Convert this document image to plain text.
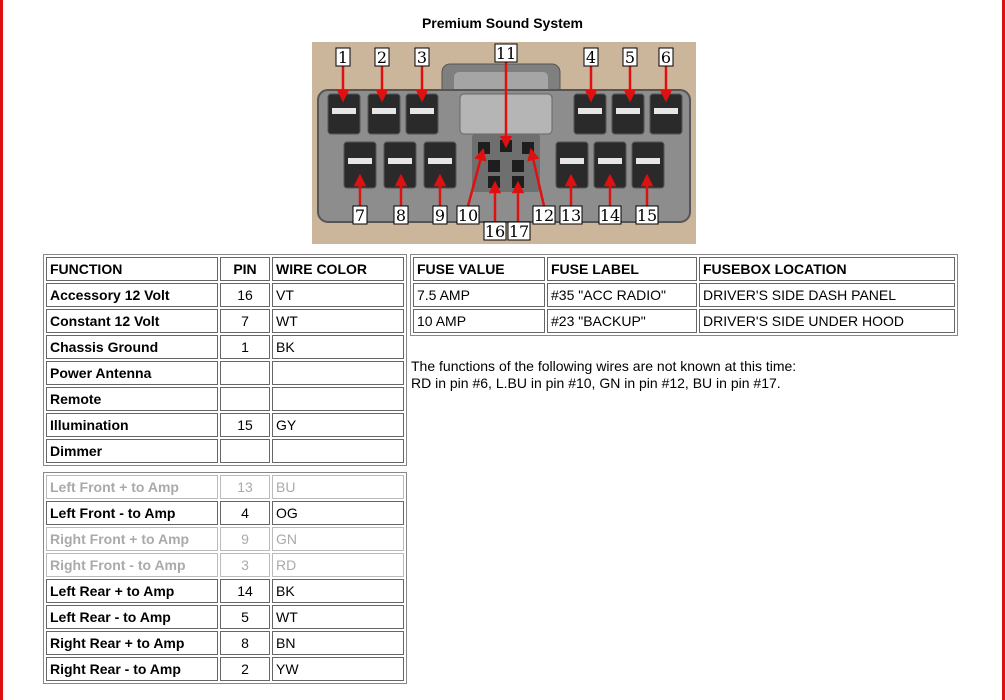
Premium Sound System
1 2 3	4 5 6
11
7 8 9 10
16 17
12 13 14 15
FUNCTION	PIN	WIRE COLOR
Accessory 12 Volt	16	VT
Constant 12 Volt	7	WT
Chassis Ground	1	BK
Power Antenna		
Remote		
Illumination	15	GY
Dimmer		
Left Front + to Amp	13	BU
Left Front - to Amp	4	OG
Right Front + to Amp	9	GN
Right Front - to Amp	3	RD
Left Rear + to Amp	14	BK
Left Rear - to Amp	5	WT
Right Rear + to Amp	8	BN
Right Rear - to Amp	2	YW
FUSE VALUE	FUSE LABEL	FUSEBOX LOCATION
7.5 AMP	#35 "ACC RADIO"	DRIVER'S SIDE DASH PANEL
10 AMP	#23 "BACKUP"	DRIVER'S SIDE UNDER HOOD
The functions of the following wires are not known at this time:
RD in pin #6, L.BU in pin #10, GN in pin #12, BU in pin #17.
